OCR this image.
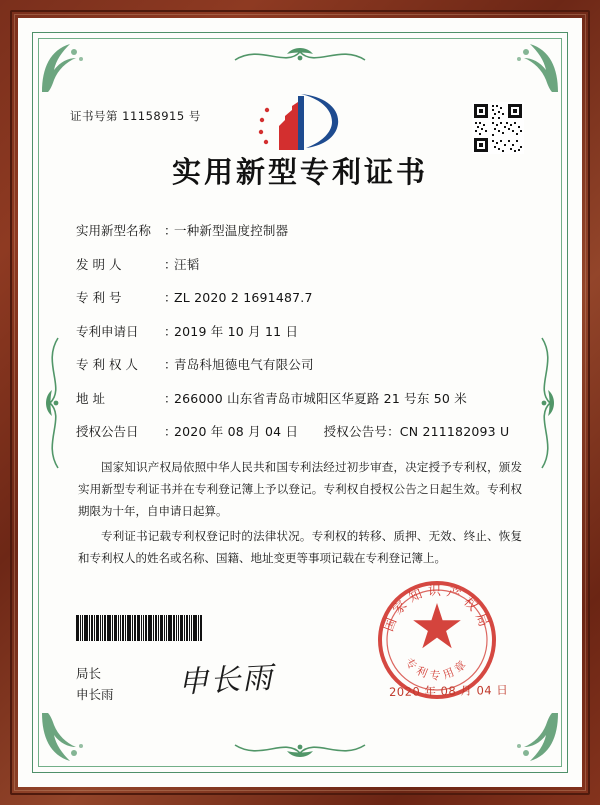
证书号第 11158915 号
实用新型专利证书
实用新型名称	：
一种新型温度控制器
发 明 人	：
汪韬
专 利 号	：
ZL 2020 2 1691487.7
专利申请日	：
2019 年 10 月 11 日
专 利 权 人	：
青岛科旭德电气有限公司
地 址	：
266000 山东省青岛市城阳区华夏路 21 号东 50 米
授权公告日	：
2020 年 08 月 04 日　　授权公告号：CN 211182093 U

国家知识产权局依照中华人民共和国专利法经过初步审查，决定授予专利权，颁发实用新型专利证书并在专利登记簿上予以登记。专利权自授权公告之日起生效。专利权期限为十年，自申请日起算。

专利证书记载专利权登记时的法律状况。专利权的转移、质押、无效、终止、恢复和专利权人的姓名或名称、国籍、地址变更等事项记载在专利登记簿上。

局长
申长雨 申长雨
国家知识产权局
专利专用章
2020 年 08 月 04 日
